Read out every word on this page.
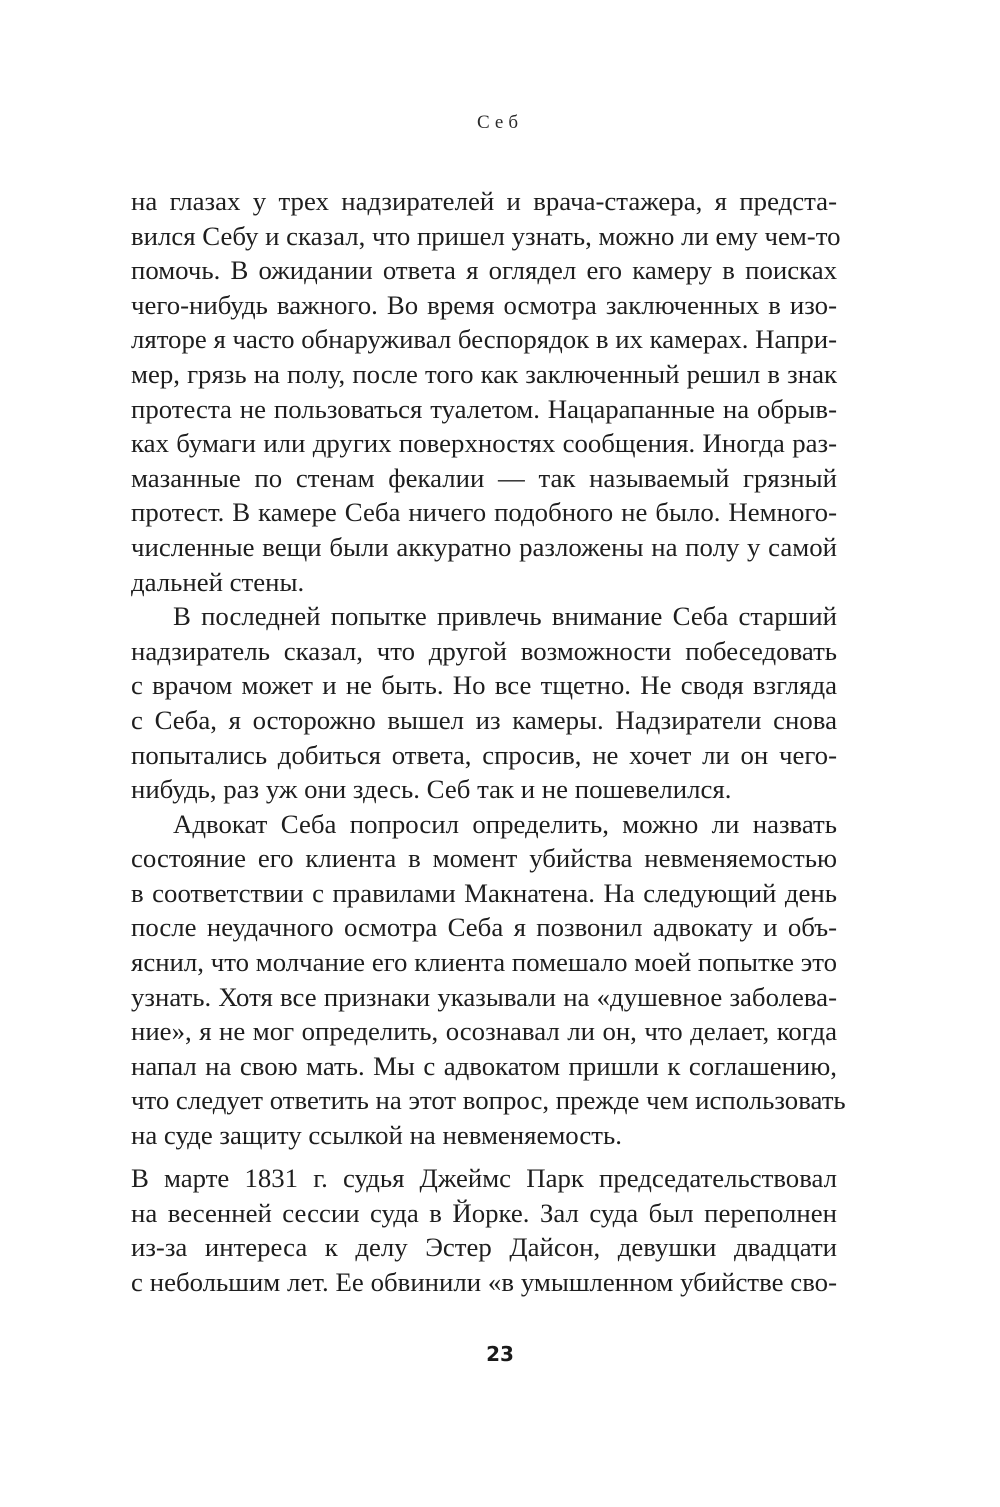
Себ
на глазах у трех надзирателей и врача-стажера, я предста-
вился Себу и сказал, что пришел узнать, можно ли ему чем-то
помочь. В ожидании ответа я оглядел его камеру в поисках
чего-нибудь важного. Во время осмотра заключенных в изо-
ляторе я часто обнаруживал беспорядок в их камерах. Напри-
мер, грязь на полу, после того как заключенный решил в знак
протеста не пользоваться туалетом. Нацарапанные на обрыв-
ках бумаги или других поверхностях сообщения. Иногда раз-
мазанные по стенам фекалии — так называемый грязный
протест. В камере Себа ничего подобного не было. Немного-
численные вещи были аккуратно разложены на полу у самой
дальней стены.
В последней попытке привлечь внимание Себа старший
надзиратель сказал, что другой возможности побеседовать
с врачом может и не быть. Но все тщетно. Не сводя взгляда
с Себа, я осторожно вышел из камеры. Надзиратели снова
попытались добиться ответа, спросив, не хочет ли он чего-
нибудь, раз уж они здесь. Себ так и не пошевелился.
Адвокат Себа попросил определить, можно ли назвать
состояние его клиента в момент убийства невменяемостью
в соответствии с правилами Макнатена. На следующий день
после неудачного осмотра Себа я позвонил адвокату и объ-
яснил, что молчание его клиента помешало моей попытке это
узнать. Хотя все признаки указывали на «душевное заболева-
ние», я не мог определить, осознавал ли он, что делает, когда
напал на свою мать. Мы с адвокатом пришли к соглашению,
что следует ответить на этот вопрос, прежде чем использовать
на суде защиту ссылкой на невменяемость.
В марте 1831 г. судья Джеймс Парк председательствовал
на весенней сессии суда в Йорке. Зал суда был переполнен
из-за интереса к делу Эстер Дайсон, девушки двадцати
с небольшим лет. Ее обвинили «в умышленном убийстве сво-
23
